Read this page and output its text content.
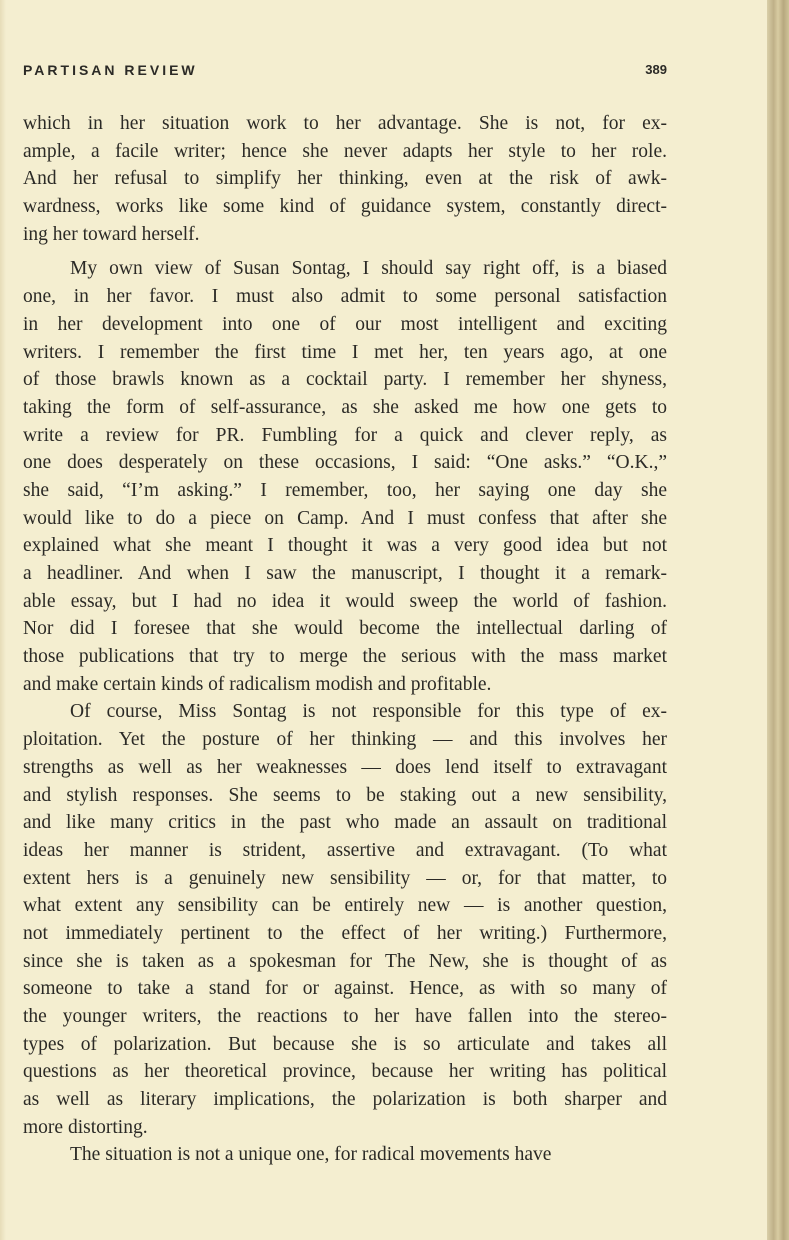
PARTISAN REVIEW	389
which in her situation work to her advantage. She is not, for ex-
ample, a facile writer; hence she never adapts her style to her role.
And her refusal to simplify her thinking, even at the risk of awk-
wardness, works like some kind of guidance system, constantly direct-
ing her toward herself.
My own view of Susan Sontag, I should say right off, is a biased
one, in her favor. I must also admit to some personal satisfaction
in her development into one of our most intelligent and exciting
writers. I remember the first time I met her, ten years ago, at one
of those brawls known as a cocktail party. I remember her shyness,
taking the form of self-assurance, as she asked me how one gets to
write a review for PR. Fumbling for a quick and clever reply, as
one does desperately on these occasions, I said: “One asks.” “O.K.,”
she said, “I’m asking.” I remember, too, her saying one day she
would like to do a piece on Camp. And I must confess that after she
explained what she meant I thought it was a very good idea but not
a headliner. And when I saw the manuscript, I thought it a remark-
able essay, but I had no idea it would sweep the world of fashion.
Nor did I foresee that she would become the intellectual darling of
those publications that try to merge the serious with the mass market
and make certain kinds of radicalism modish and profitable.
Of course, Miss Sontag is not responsible for this type of ex-
ploitation. Yet the posture of her thinking — and this involves her
strengths as well as her weaknesses — does lend itself to extravagant
and stylish responses. She seems to be staking out a new sensibility,
and like many critics in the past who made an assault on traditional
ideas her manner is strident, assertive and extravagant. (To what
extent hers is a genuinely new sensibility — or, for that matter, to
what extent any sensibility can be entirely new — is another question,
not immediately pertinent to the effect of her writing.) Furthermore,
since she is taken as a spokesman for The New, she is thought of as
someone to take a stand for or against. Hence, as with so many of
the younger writers, the reactions to her have fallen into the stereo-
types of polarization. But because she is so articulate and takes all
questions as her theoretical province, because her writing has political
as well as literary implications, the polarization is both sharper and
more distorting.
The situation is not a unique one, for radical movements have
